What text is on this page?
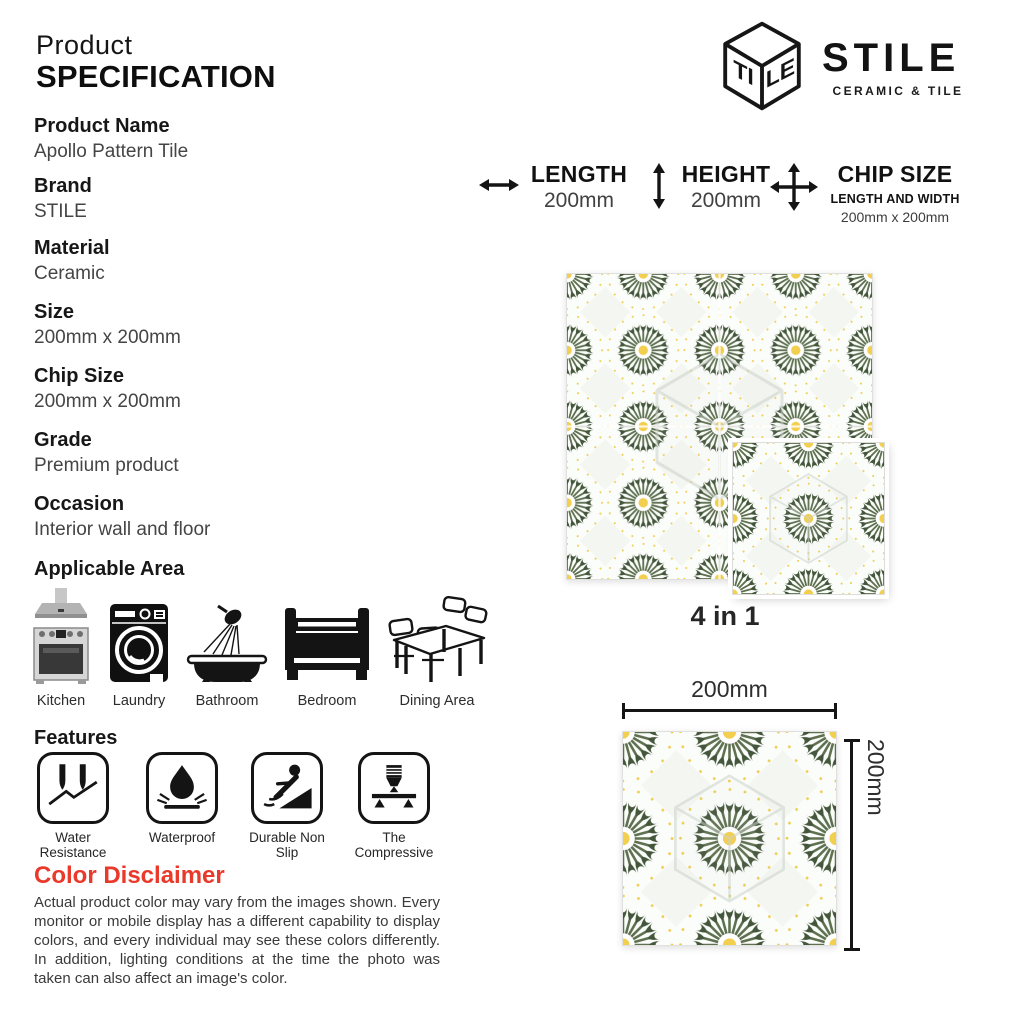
Product
SPECIFICATION	TI LE STILE
CERAMIC & TILE
Product Name
Apollo Pattern Tile
Brand
STILE
Material
Ceramic
Size
200mm x 200mm
Chip Size
200mm x 200mm
Grade
Premium product
Occasion
Interior wall and floor
Applicable Area
Kitchen Laundry Bathroom	Bedroom	Dining Area
Features
Water Resistance
Waterproof	Durable Non Slip
The Compressive
Color Disclaimer
Actual product color may vary from the images shown. Every monitor or mobile display has a different capability to display colors, and every individual may see these colors differently. In addition, lighting conditions at the time the photo was taken can also affect an image's color.
LENGTH
200mm
HEIGHT
200mm
CHIP SIZE
LENGTH AND WIDTH
200mm x 200mm
4 in 1
200mm
200mm
